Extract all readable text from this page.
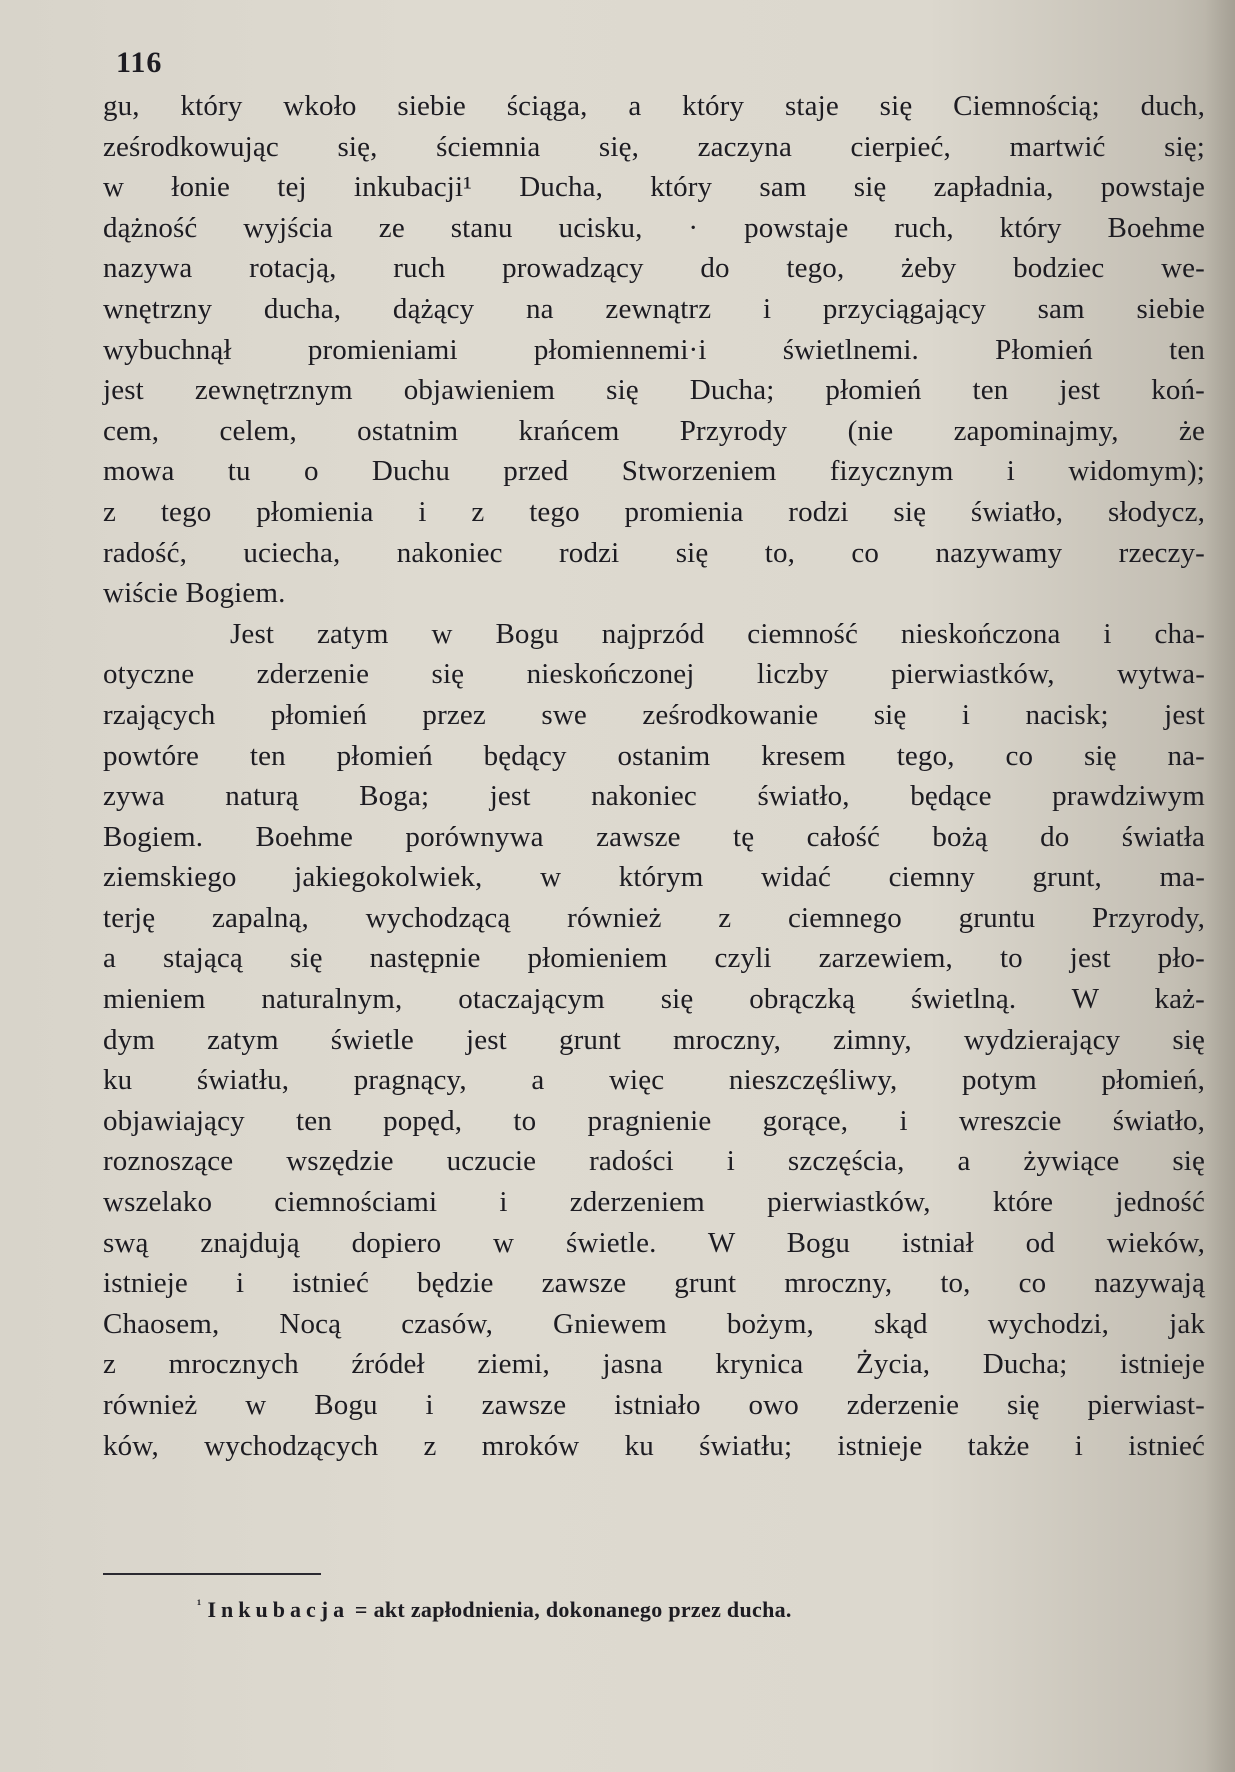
116

gu, który wkoło siebie ściąga, a który staje się Ciemnością; duch,
ześrodkowując się, ściemnia się, zaczyna cierpieć, martwić się;
w łonie tej inkubacji¹ Ducha, który sam się zapładnia, powstaje
dążność wyjścia ze stanu ucisku, · powstaje ruch, który Boehme
nazywa rotacją, ruch prowadzący do tego, żeby bodziec we-
wnętrzny ducha, dążący na zewnątrz i przyciągający sam siebie
wybuchnął promieniami płomiennemi·i świetlnemi. Płomień ten
jest zewnętrznym objawieniem się Ducha; płomień ten jest koń-
cem, celem, ostatnim krańcem Przyrody (nie zapominajmy, że
mowa tu o Duchu przed Stworzeniem fizycznym i widomym);
z tego płomienia i z tego promienia rodzi się światło, słodycz,
radość, uciecha, nakoniec rodzi się to, co nazywamy rzeczy-
wiście Bogiem.

Jest zatym w Bogu najprzód ciemność nieskończona i cha-
otyczne zderzenie się nieskończonej liczby pierwiastków, wytwa-
rzających płomień przez swe ześrodkowanie się i nacisk; jest
powtóre ten płomień będący ostanim kresem tego, co się na-
zywa naturą Boga; jest nakoniec światło, będące prawdziwym
Bogiem. Boehme porównywa zawsze tę całość bożą do światła
ziemskiego jakiegokolwiek, w którym widać ciemny grunt, ma-
terję zapalną, wychodzącą również z ciemnego gruntu Przyrody,
a stającą się następnie płomieniem czyli zarzewiem, to jest pło-
mieniem naturalnym, otaczającym się obrączką świetlną. W każ-
dym zatym świetle jest grunt mroczny, zimny, wydzierający się
ku światłu, pragnący, a więc nieszczęśliwy, potym płomień,
objawiający ten popęd, to pragnienie gorące, i wreszcie światło,
roznoszące wszędzie uczucie radości i szczęścia, a żywiące się
wszelako ciemnościami i zderzeniem pierwiastków, które jedność
swą znajdują dopiero w świetle. W Bogu istniał od wieków,
istnieje i istnieć będzie zawsze grunt mroczny, to, co nazywają
Chaosem, Nocą czasów, Gniewem bożym, skąd wychodzi, jak
z mrocznych źródeł ziemi, jasna krynica Życia, Ducha; istnieje
również w Bogu i zawsze istniało owo zderzenie się pierwiast-
ków, wychodzących z mroków ku światłu; istnieje także i istnieć

$^{^1}$ Inkubacja = akt zapłodnienia, dokonanego przez ducha.
